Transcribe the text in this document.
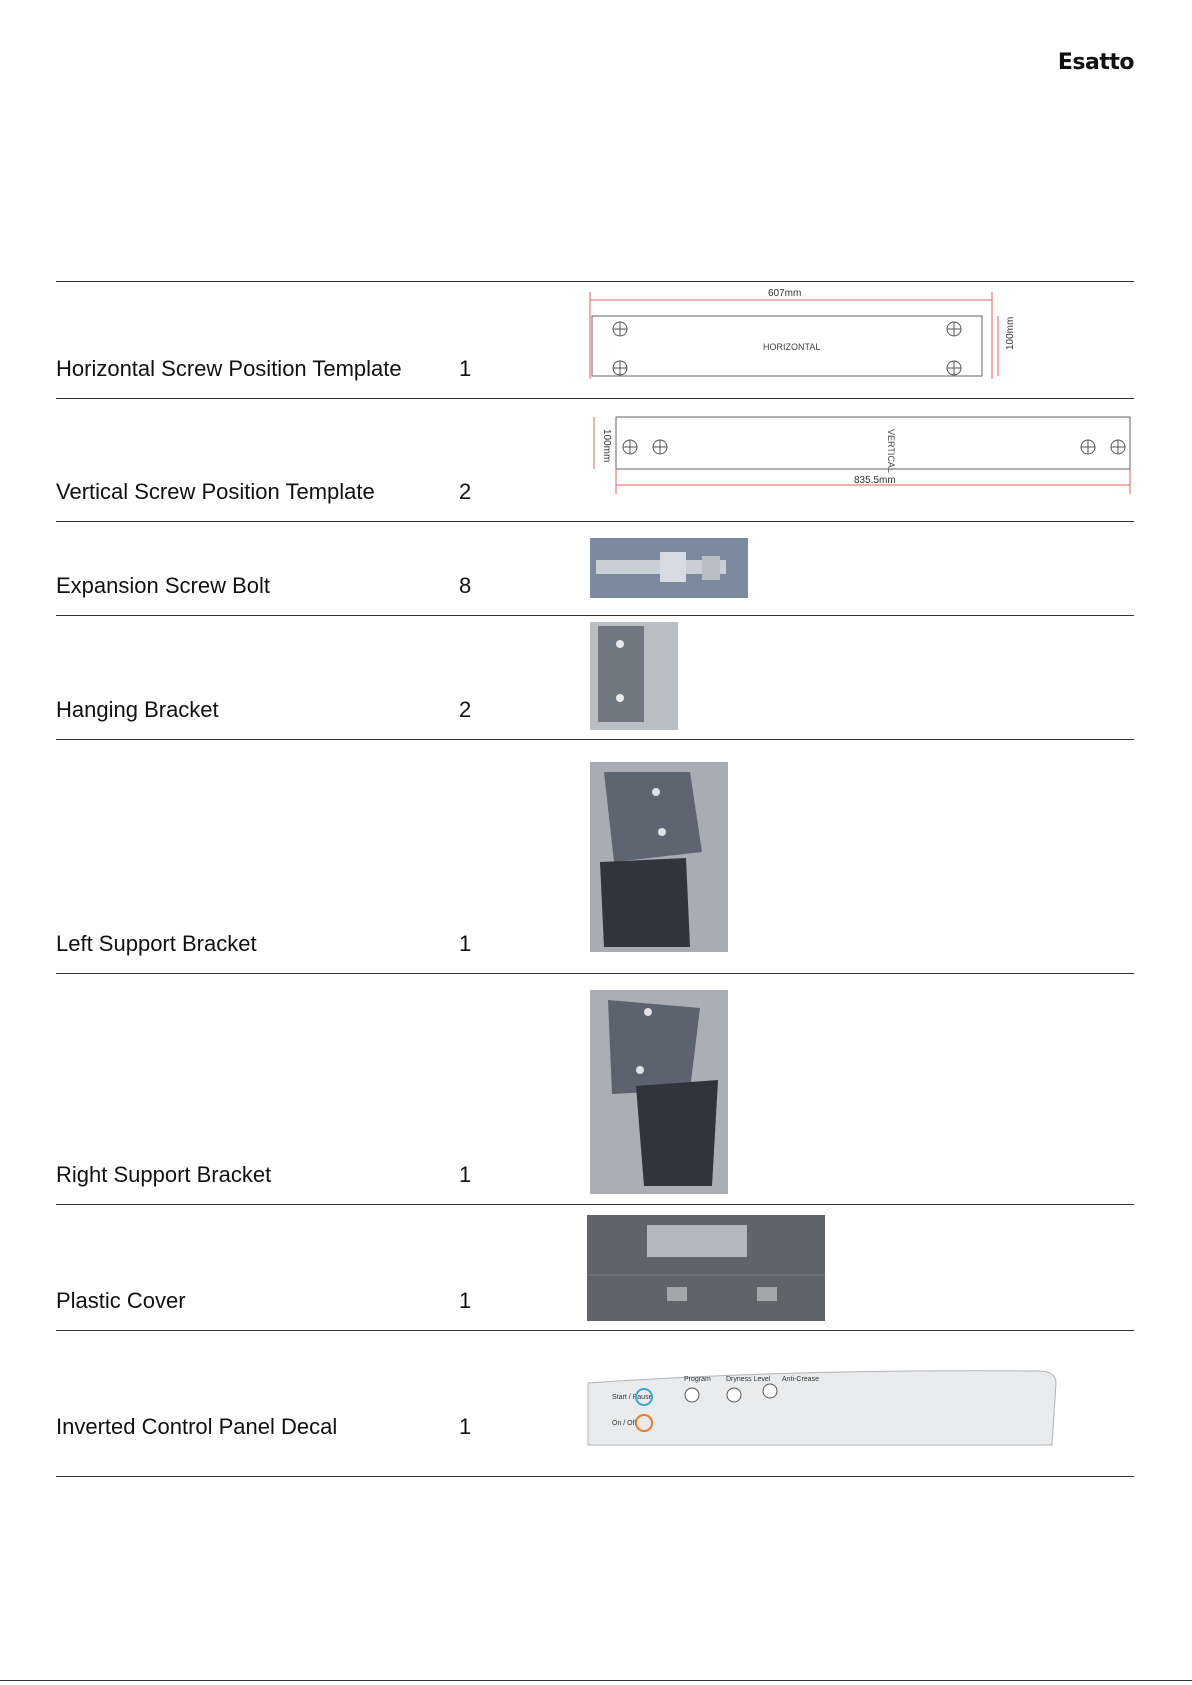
Esatto
Horizontal Screw Position Template	1
607mm
100mm
HORIZONTAL
Vertical Screw Position Template	2
100mm
835.5mm
VERTICAL
Expansion Screw Bolt	8
Hanging Bracket	2
Left Support Bracket	1
Right Support Bracket	1
Plastic Cover	1
Inverted Control Panel Decal	1
Start / Pause
On / Off
Program Dryness Level Anti-Crease
